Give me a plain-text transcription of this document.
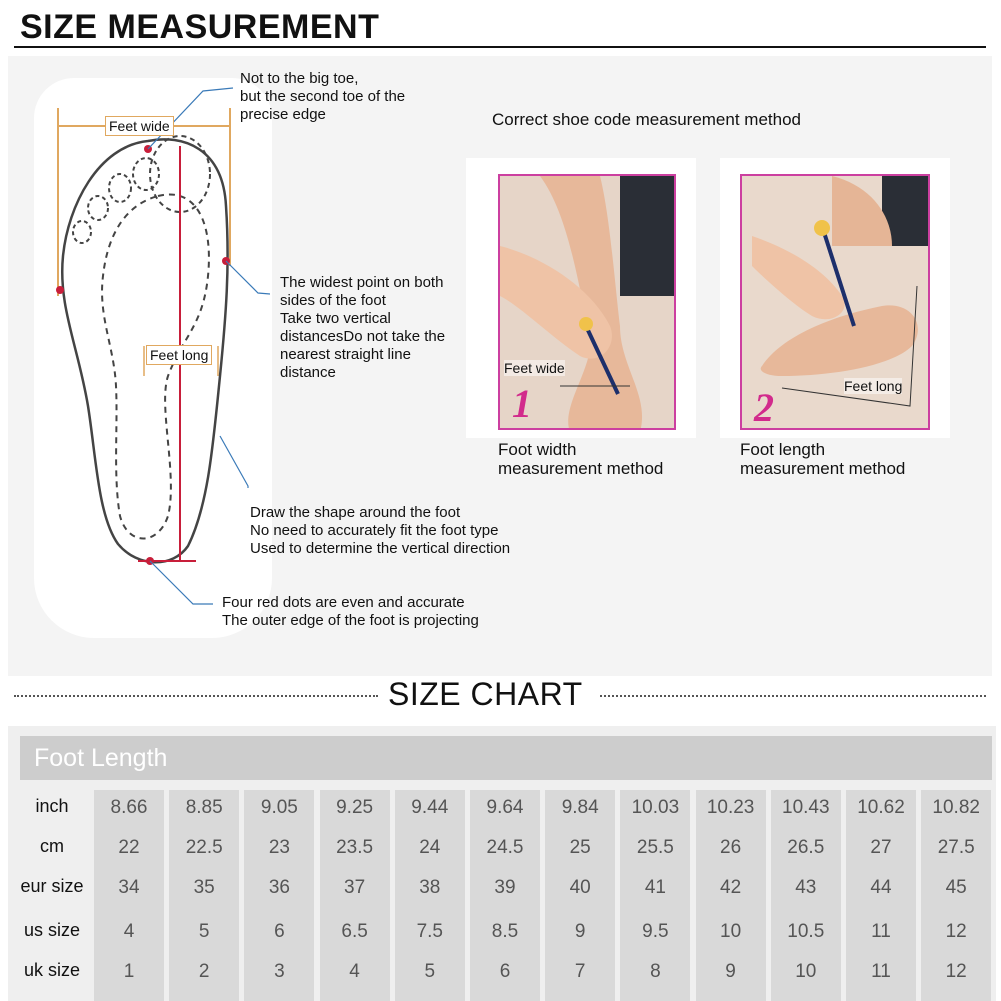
SIZE MEASUREMENT
Feet wide
Feet long
Not to the big toe,
but the second toe of the
precise edge
The widest point on both
sides of the foot
Take two vertical
distancesDo not take the
nearest straight line
distance
Draw the shape around the foot
No need to accurately fit the foot type
Used to determine the vertical direction
Four red dots are even and accurate
The outer edge of the foot is projecting
Correct shoe code measurement method
Feet wide
1
Foot width
measurement method
Feet long
2
Foot length
measurement method
SIZE CHART
Foot Length
inch	8.66	8.85	9.05	9.25	9.44	9.64	9.84	10.03	10.23	10.43	10.62	10.82
cm	22	22.5	23	23.5	24	24.5	25	25.5	26	26.5	27	27.5
eur size	34	35	36	37	38	39	40	41	42	43	44	45
us size	4	5	6	6.5	7.5	8.5	9	9.5	10	10.5	11	12
uk size	1	2	3	4	5	6	7	8	9	10	11	12
